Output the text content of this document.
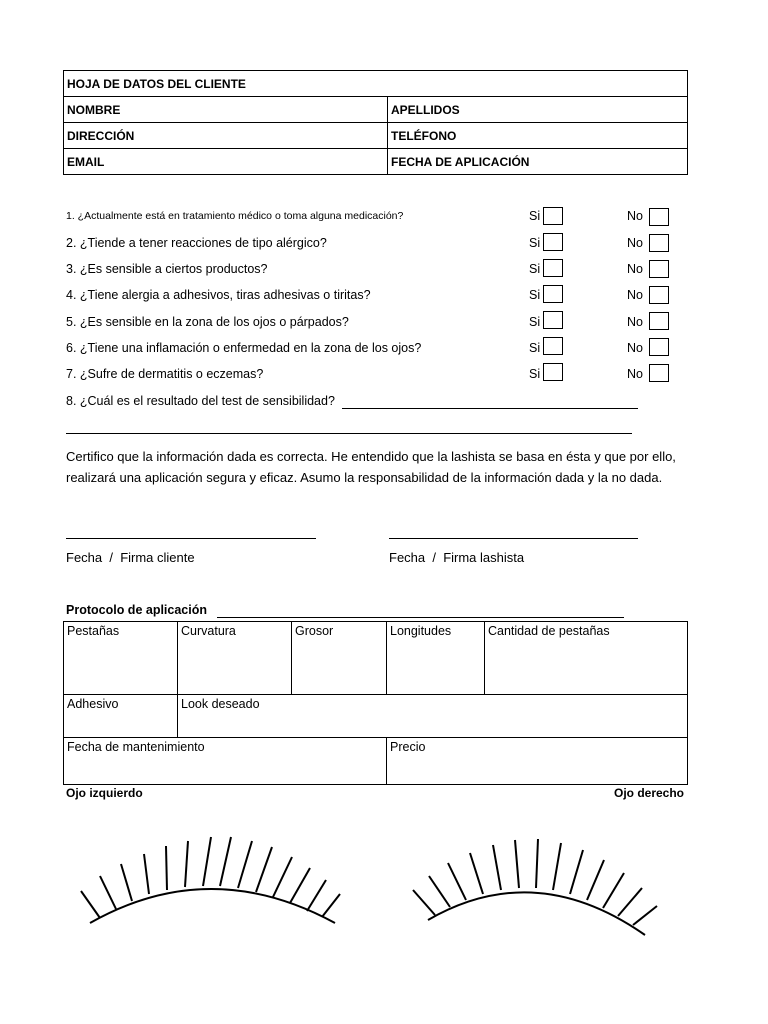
HOJA DE DATOS DEL CLIENTE	
NOMBRE	APELLIDOS
DIRECCIÓN	TELÉFONO
EMAIL	FECHA DE APLICACIÓN
1. ¿Actualmente está en tratamiento médico o toma alguna medicación?	Si	No
2. ¿Tiende a tener reacciones de tipo alérgico?	Si	No
3. ¿Es sensible a ciertos productos?	Si	No
4. ¿Tiene alergia a adhesivos, tiras adhesivas o tiritas?	Si	No
5. ¿Es sensible en la zona de los ojos o párpados?	Si	No
6. ¿Tiene una inflamación o enfermedad en la zona de los ojos?	Si	No
7. ¿Sufre de dermatitis o eczemas?	Si	No
8. ¿Cuál es el resultado del test de sensibilidad?
Certifico que la información dada es correcta. He entendido que la lashista se basa en ésta y que por ello, realizará una aplicación segura y eficaz. Asumo la responsabilidad de la información dada y la no dada.
Fecha  /  Firma cliente	Fecha  /  Firma lashista
Protocolo de aplicación
Pestañas	Curvatura	Grosor	Longitudes	Cantidad de pestañas
Adhesivo	Look deseado
Fecha de mantenimiento	Precio
Ojo izquierdo	Ojo derecho
